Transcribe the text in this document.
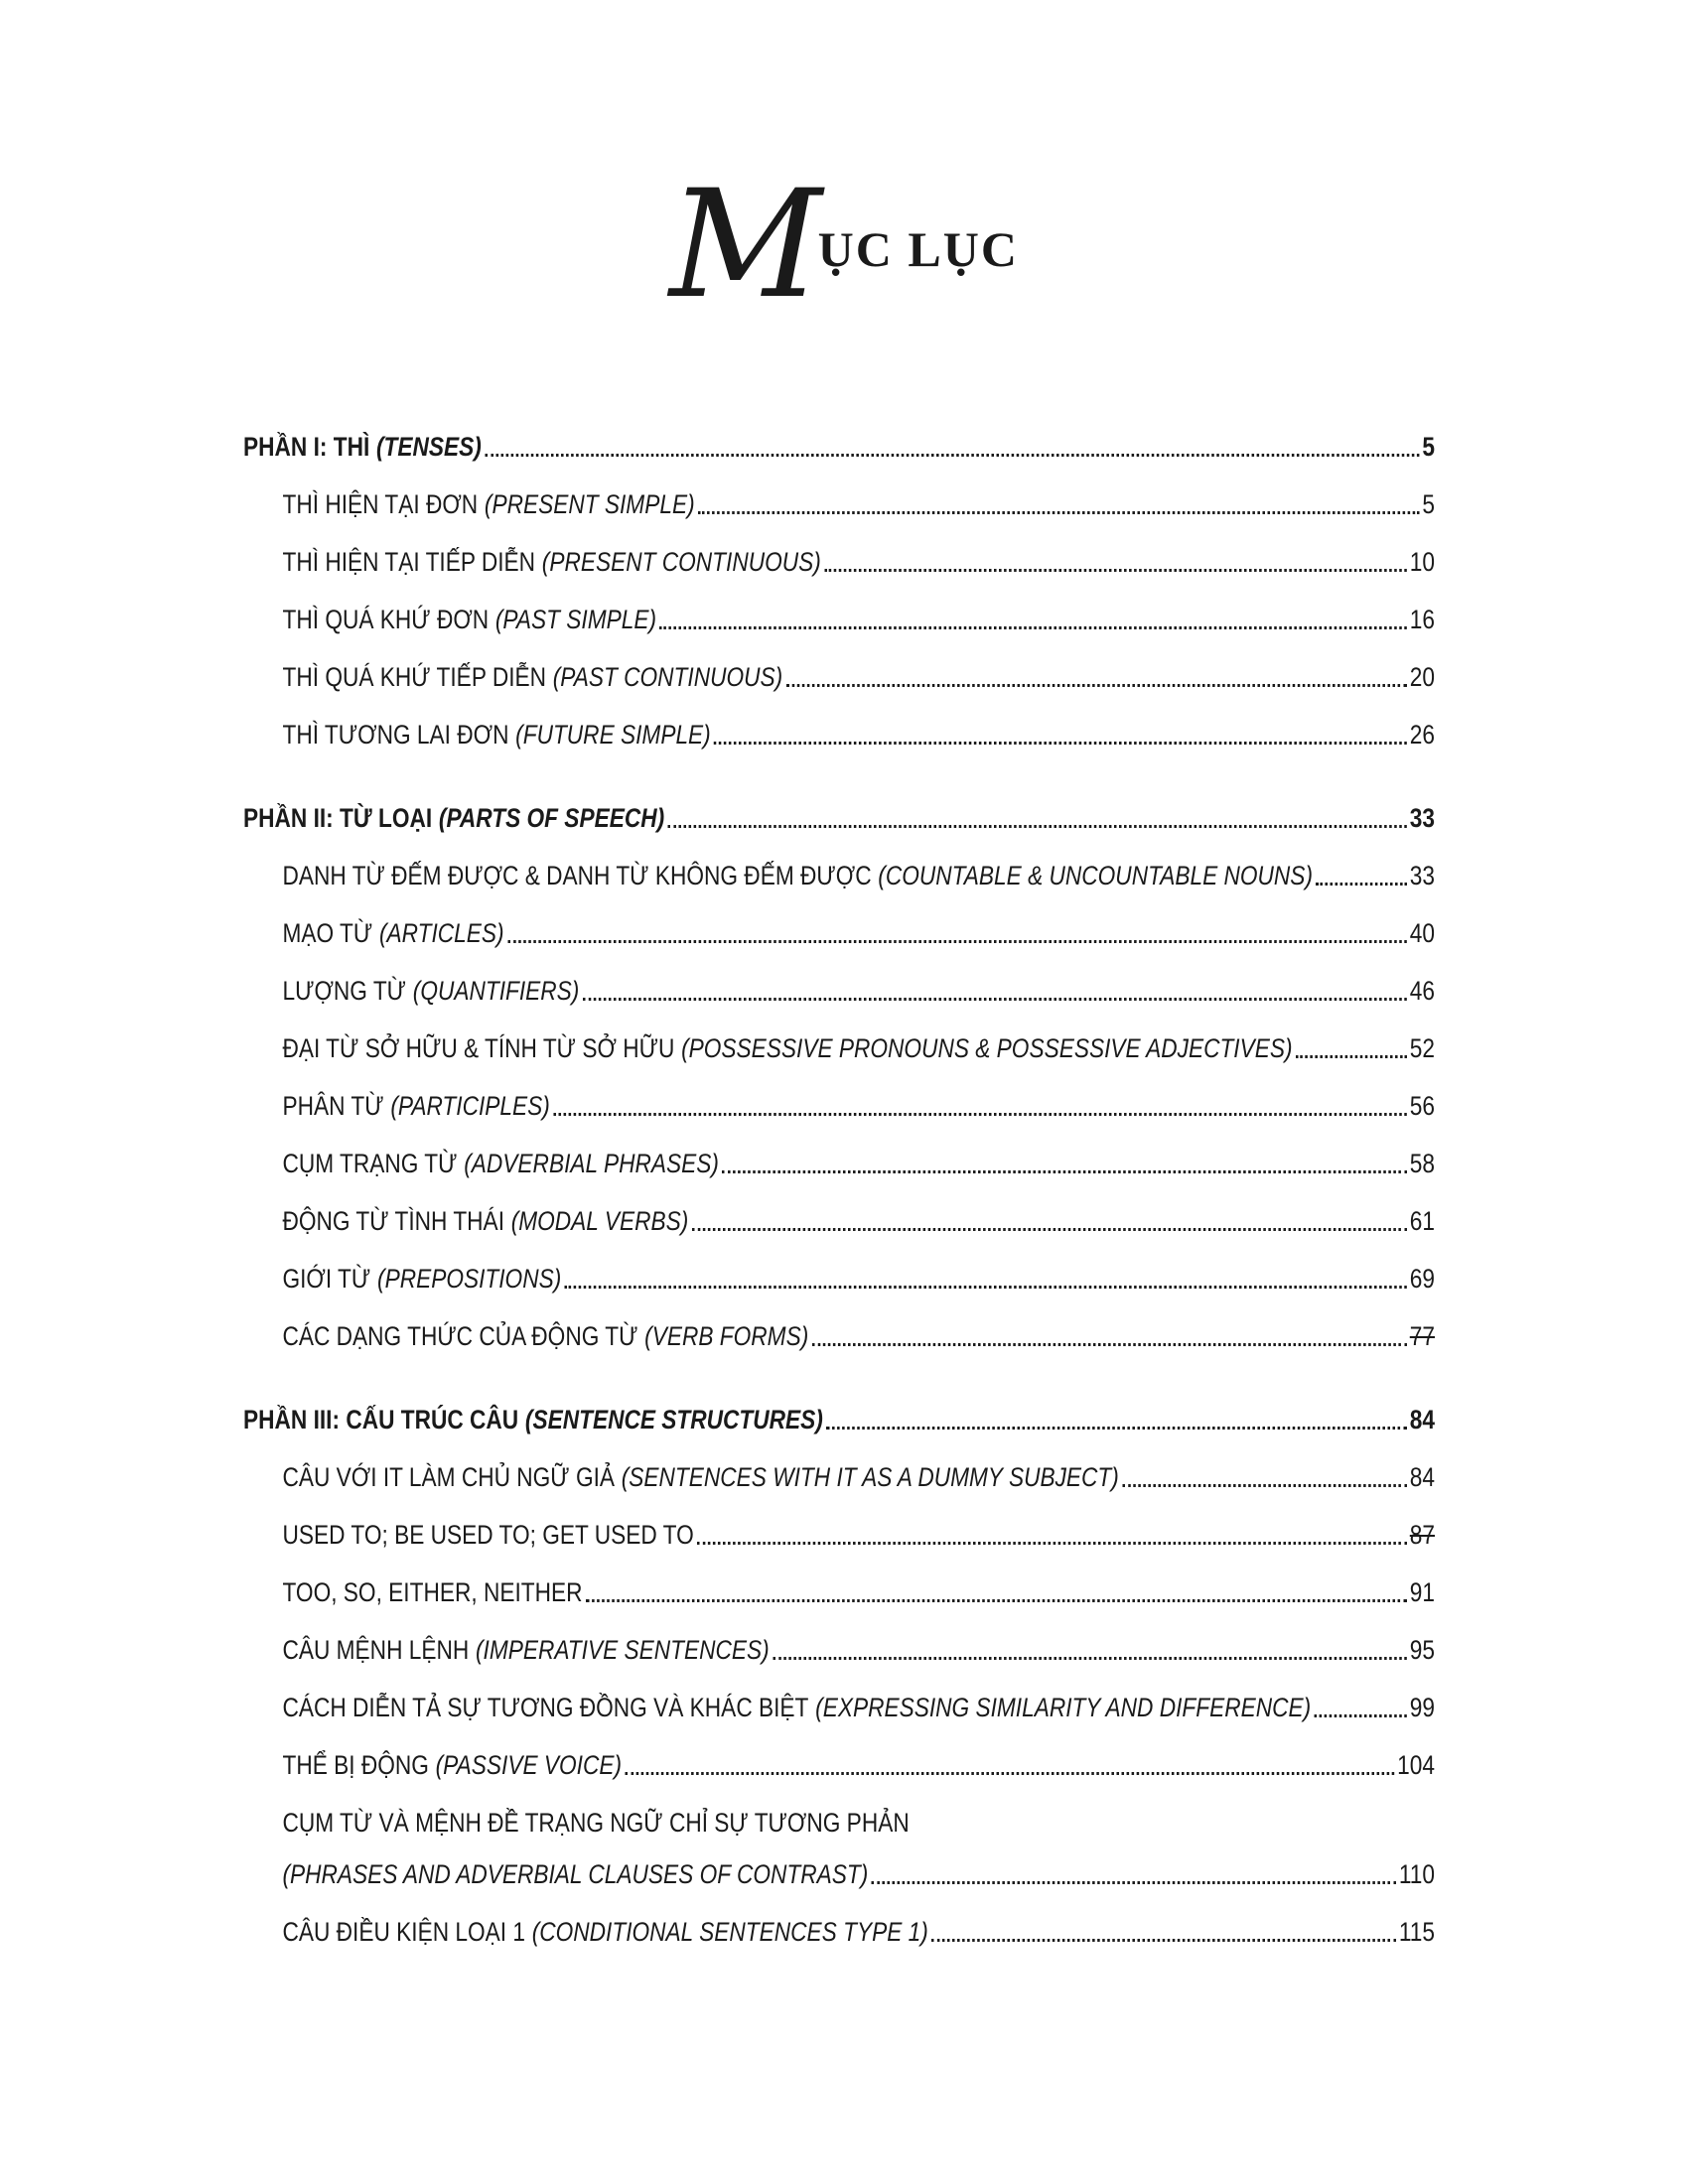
MỤC LỤC
PHẦN I: THÌ (TENSES)	5
THÌ HIỆN TẠI ĐƠN (PRESENT SIMPLE)	5
THÌ HIỆN TẠI TIẾP DIỄN (PRESENT CONTINUOUS)	10
THÌ QUÁ KHỨ ĐƠN (PAST SIMPLE)	16
THÌ QUÁ KHỨ TIẾP DIỄN (PAST CONTINUOUS)	20
THÌ TƯƠNG LAI ĐƠN (FUTURE SIMPLE)	26
PHẦN II: TỪ LOẠI (PARTS OF SPEECH)	33
DANH TỪ ĐẾM ĐƯỢC & DANH TỪ KHÔNG ĐẾM ĐƯỢC (COUNTABLE & UNCOUNTABLE NOUNS)	33
MẠO TỪ (ARTICLES)	40
LƯỢNG TỪ (QUANTIFIERS)	46
ĐẠI TỪ SỞ HỮU & TÍNH TỪ SỞ HỮU (POSSESSIVE PRONOUNS & POSSESSIVE ADJECTIVES)	52
PHÂN TỪ (PARTICIPLES)	56
CỤM TRẠNG TỪ (ADVERBIAL PHRASES)	58
ĐỘNG TỪ TÌNH THÁI (MODAL VERBS)	61
GIỚI TỪ (PREPOSITIONS)	69
CÁC DẠNG THỨC CỦA ĐỘNG TỪ (VERB FORMS)	77
PHẦN III: CẤU TRÚC CÂU (SENTENCE STRUCTURES)	84
CÂU VỚI IT LÀM CHỦ NGỮ GIẢ (SENTENCES WITH IT AS A DUMMY SUBJECT)	84
USED TO; BE USED TO; GET USED TO	87
TOO, SO, EITHER, NEITHER	91
CÂU MỆNH LỆNH (IMPERATIVE SENTENCES)	95
CÁCH DIỄN TẢ SỰ TƯƠNG ĐỒNG VÀ KHÁC BIỆT (EXPRESSING SIMILARITY AND DIFFERENCE)	99
THỂ BỊ ĐỘNG (PASSIVE VOICE)	104
CỤM TỪ VÀ MỆNH ĐỀ TRẠNG NGỮ CHỈ SỰ TƯƠNG PHẢN
(PHRASES AND ADVERBIAL CLAUSES OF CONTRAST)	110
CÂU ĐIỀU KIỆN LOẠI 1 (CONDITIONAL SENTENCES TYPE 1)	115
